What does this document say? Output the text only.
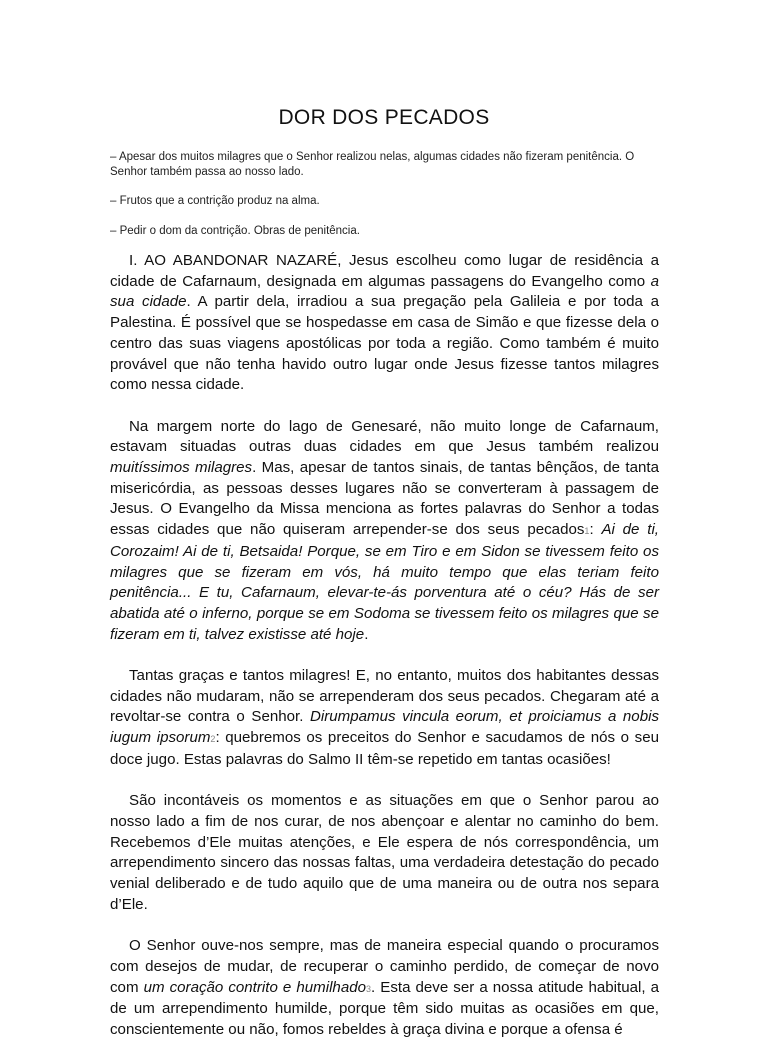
DOR DOS PECADOS
– Apesar dos muitos milagres que o Senhor realizou nelas, algumas cidades não fizeram penitência. O Senhor também passa ao nosso lado.
– Frutos que a contrição produz na alma.
– Pedir o dom da contrição. Obras de penitência.

I. AO ABANDONAR NAZARÉ, Jesus escolheu como lugar de residência a cidade de Cafarnaum, designada em algumas passagens do Evangelho como a sua cidade. A partir dela, irradiou a sua pregação pela Galileia e por toda a Palestina. É possível que se hospedasse em casa de Simão e que fizesse dela o centro das suas viagens apostólicas por toda a região. Como também é muito provável que não tenha havido outro lugar onde Jesus fizesse tantos milagres como nessa cidade.

Na margem norte do lago de Genesaré, não muito longe de Cafarnaum, estavam situadas outras duas cidades em que Jesus também realizou muitíssimos milagres. Mas, apesar de tantos sinais, de tantas bênçãos, de tanta misericórdia, as pessoas desses lugares não se converteram à passagem de Jesus. O Evangelho da Missa menciona as fortes palavras do Senhor a todas essas cidades que não quiseram arrepender-se dos seus pecados1: Ai de ti, Corozaim! Ai de ti, Betsaida! Porque, se em Tiro e em Sidon se tivessem feito os milagres que se fizeram em vós, há muito tempo que elas teriam feito penitência... E tu, Cafarnaum, elevar-te-ás porventura até o céu? Hás de ser abatida até o inferno, porque se em Sodoma se tivessem feito os milagres que se fizeram em ti, talvez existisse até hoje.

Tantas graças e tantos milagres! E, no entanto, muitos dos habitantes dessas cidades não mudaram, não se arrependeram dos seus pecados. Chegaram até a revoltar-se contra o Senhor. Dirumpamus vincula eorum, et proiciamus a nobis iugum ipsorum2: quebremos os preceitos do Senhor e sacudamos de nós o seu doce jugo. Estas palavras do Salmo II têm-se repetido em tantas ocasiões!

São incontáveis os momentos e as situações em que o Senhor parou ao nosso lado a fim de nos curar, de nos abençoar e alentar no caminho do bem. Recebemos d’Ele muitas atenções, e Ele espera de nós correspondência, um arrependimento sincero das nossas faltas, uma verdadeira detestação do pecado venial deliberado e de tudo aquilo que de uma maneira ou de outra nos separa d’Ele.

O Senhor ouve-nos sempre, mas de maneira especial quando o procuramos com desejos de mudar, de recuperar o caminho perdido, de começar de novo com um coração contrito e humilhado3. Esta deve ser a nossa atitude habitual, a de um arrependimento humilde, porque têm sido muitas as ocasiões em que, conscientemente ou não, fomos rebeldes à graça divina e porque a ofensa é
